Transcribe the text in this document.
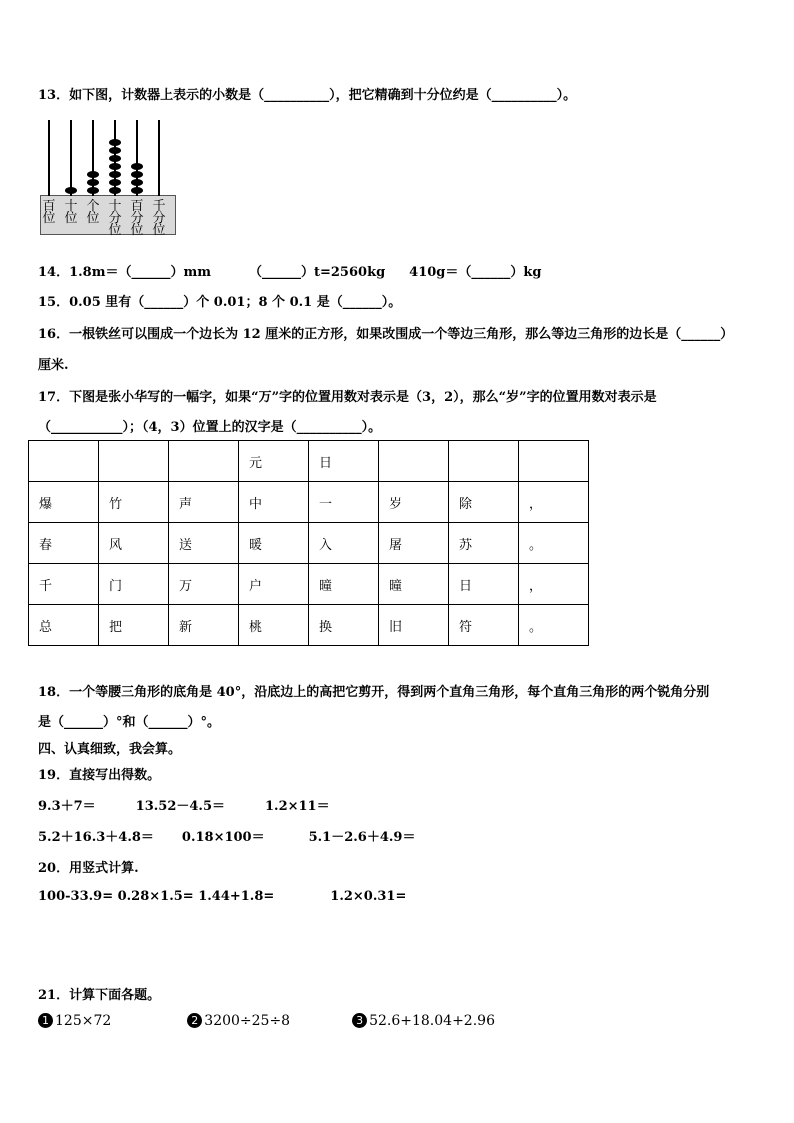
13．如下图，计数器上表示的小数是（__________），把它精确到十分位约是（__________）。
百位
十位
个位
十分位
百分位
千分位
14．1.8m＝（______）mm	（______）t=2560kg 410g＝（______）kg
15．0.05 里有（______）个 0.01；8 个 0.1 是（______）。
16．一根铁丝可以围成一个边长为 12 厘米的正方形，如果改围成一个等边三角形，那么等边三角形的边长是（______）
厘米.
17．下图是张小华写的一幅字，如果“万”字的位置用数对表示是（3，2），那么“岁”字的位置用数对表示是
（___________）；（4，3）位置上的汉字是（__________）。
			元	日			
爆	竹	声	中	一	岁	除	，
春	风	送	暖	入	屠	苏	。
千	门	万	户	曈	曈	日	，
总	把	新	桃	换	旧	符	。
18．一个等腰三角形的底角是 40°，沿底边上的高把它剪开，得到两个直角三角形，每个直角三角形的两个锐角分别
是（______）°和（______）°。
四、认真细致，我会算。
19．直接写出得数。
9.3＋7＝	13.52－4.5＝	1.2×11＝
5.2＋16.3＋4.8＝ 0.18×100＝	5.1－2.6＋4.9＝
20．用竖式计算.
100-33.9= 0.28×1.5= 1.44+1.8=	1.2×0.31=
21．计算下面各题。
1 125×72	2 3200÷25÷8	3 52.6+18.04+2.96
